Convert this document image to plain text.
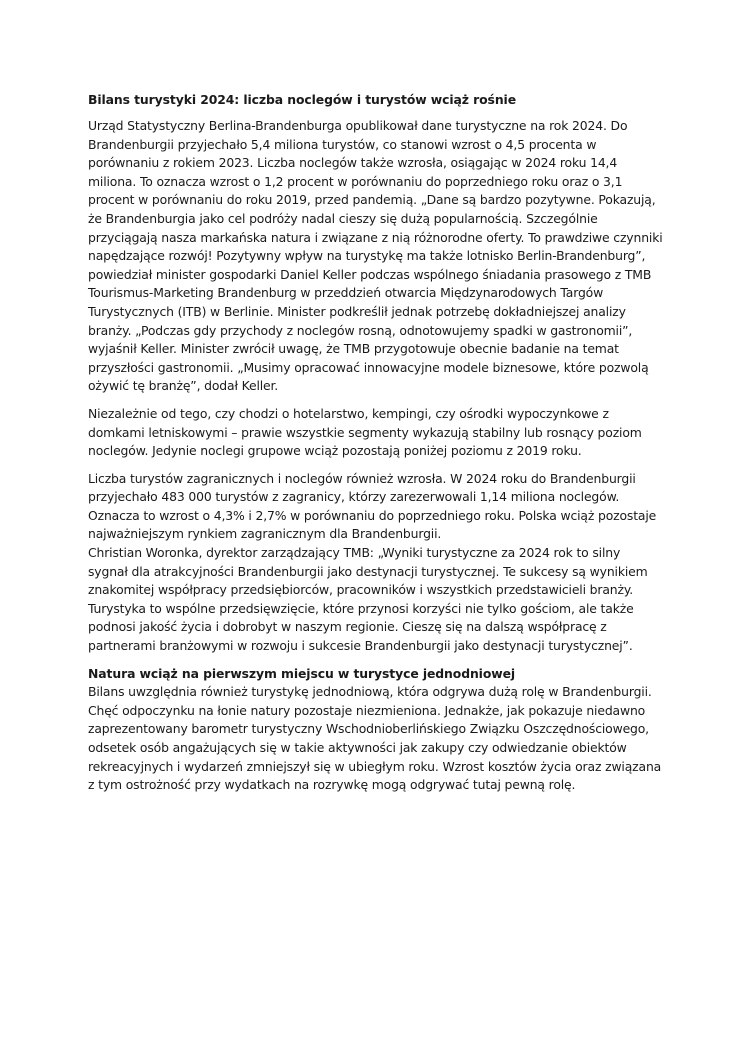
Bilans turystyki 2024: liczba noclegów i turystów wciąż rośnie

Urząd Statystyczny Berlina-Brandenburga opublikował dane turystyczne na rok 2024. Do Brandenburgii przyjechało 5,4 miliona turystów, co stanowi wzrost o 4,5 procenta w porównaniu z rokiem 2023. Liczba noclegów także wzrosła, osiągając w 2024 roku 14,4 miliona. To oznacza wzrost o 1,2 procent w porównaniu do poprzedniego roku oraz o 3,1 procent w porównaniu do roku 2019, przed pandemią. „Dane są bardzo pozytywne. Pokazują, że Brandenburgia jako cel podróży nadal cieszy się dużą popularnością. Szczególnie przyciągają nasza markańska natura i związane z nią różnorodne oferty. To prawdziwe czynniki napędzające rozwój! Pozytywny wpływ na turystykę ma także lotnisko Berlin-Brandenburg”, powiedział minister gospodarki Daniel Keller podczas wspólnego śniadania prasowego z TMB Tourismus-Marketing Brandenburg w przeddzień otwarcia Międzynarodowych Targów Turystycznych (ITB) w Berlinie. Minister podkreślił jednak potrzebę dokładniejszej analizy branży. „Podczas gdy przychody z noclegów rosną, odnotowujemy spadki w gastronomii”, wyjaśnił Keller. Minister zwrócił uwagę, że TMB przygotowuje obecnie badanie na temat przyszłości gastronomii. „Musimy opracować innowacyjne modele biznesowe, które pozwolą ożywić tę branżę”, dodał Keller.

Niezależnie od tego, czy chodzi o hotelarstwo, kempingi, czy ośrodki wypoczynkowe z domkami letniskowymi – prawie wszystkie segmenty wykazują stabilny lub rosnący poziom noclegów. Jedynie noclegi grupowe wciąż pozostają poniżej poziomu z 2019 roku.

Liczba turystów zagranicznych i noclegów również wzrosła. W 2024 roku do Brandenburgii przyjechało 483 000 turystów z zagranicy, którzy zarezerwowali 1,14 miliona noclegów. Oznacza to wzrost o 4,3% i 2,7% w porównaniu do poprzedniego roku. Polska wciąż pozostaje najważniejszym rynkiem zagranicznym dla Brandenburgii.

Christian Woronka, dyrektor zarządzający TMB: „Wyniki turystyczne za 2024 rok to silny sygnał dla atrakcyjności Brandenburgii jako destynacji turystycznej. Te sukcesy są wynikiem znakomitej współpracy przedsiębiorców, pracowników i wszystkich przedstawicieli branży. Turystyka to wspólne przedsięwzięcie, które przynosi korzyści nie tylko gościom, ale także podnosi jakość życia i dobrobyt w naszym regionie. Cieszę się na dalszą współpracę z partnerami branżowymi w rozwoju i sukcesie Brandenburgii jako destynacji turystycznej”.

Natura wciąż na pierwszym miejscu w turystyce jednodniowej

Bilans uwzględnia również turystykę jednodniową, która odgrywa dużą rolę w Brandenburgii. Chęć odpoczynku na łonie natury pozostaje niezmieniona. Jednakże, jak pokazuje niedawno zaprezentowany barometr turystyczny Wschodnioberlińskiego Związku Oszczędnościowego, odsetek osób angażujących się w takie aktywności jak zakupy czy odwiedzanie obiektów rekreacyjnych i wydarzeń zmniejszył się w ubiegłym roku. Wzrost kosztów życia oraz związana z tym ostrożność przy wydatkach na rozrywkę mogą odgrywać tutaj pewną rolę.
